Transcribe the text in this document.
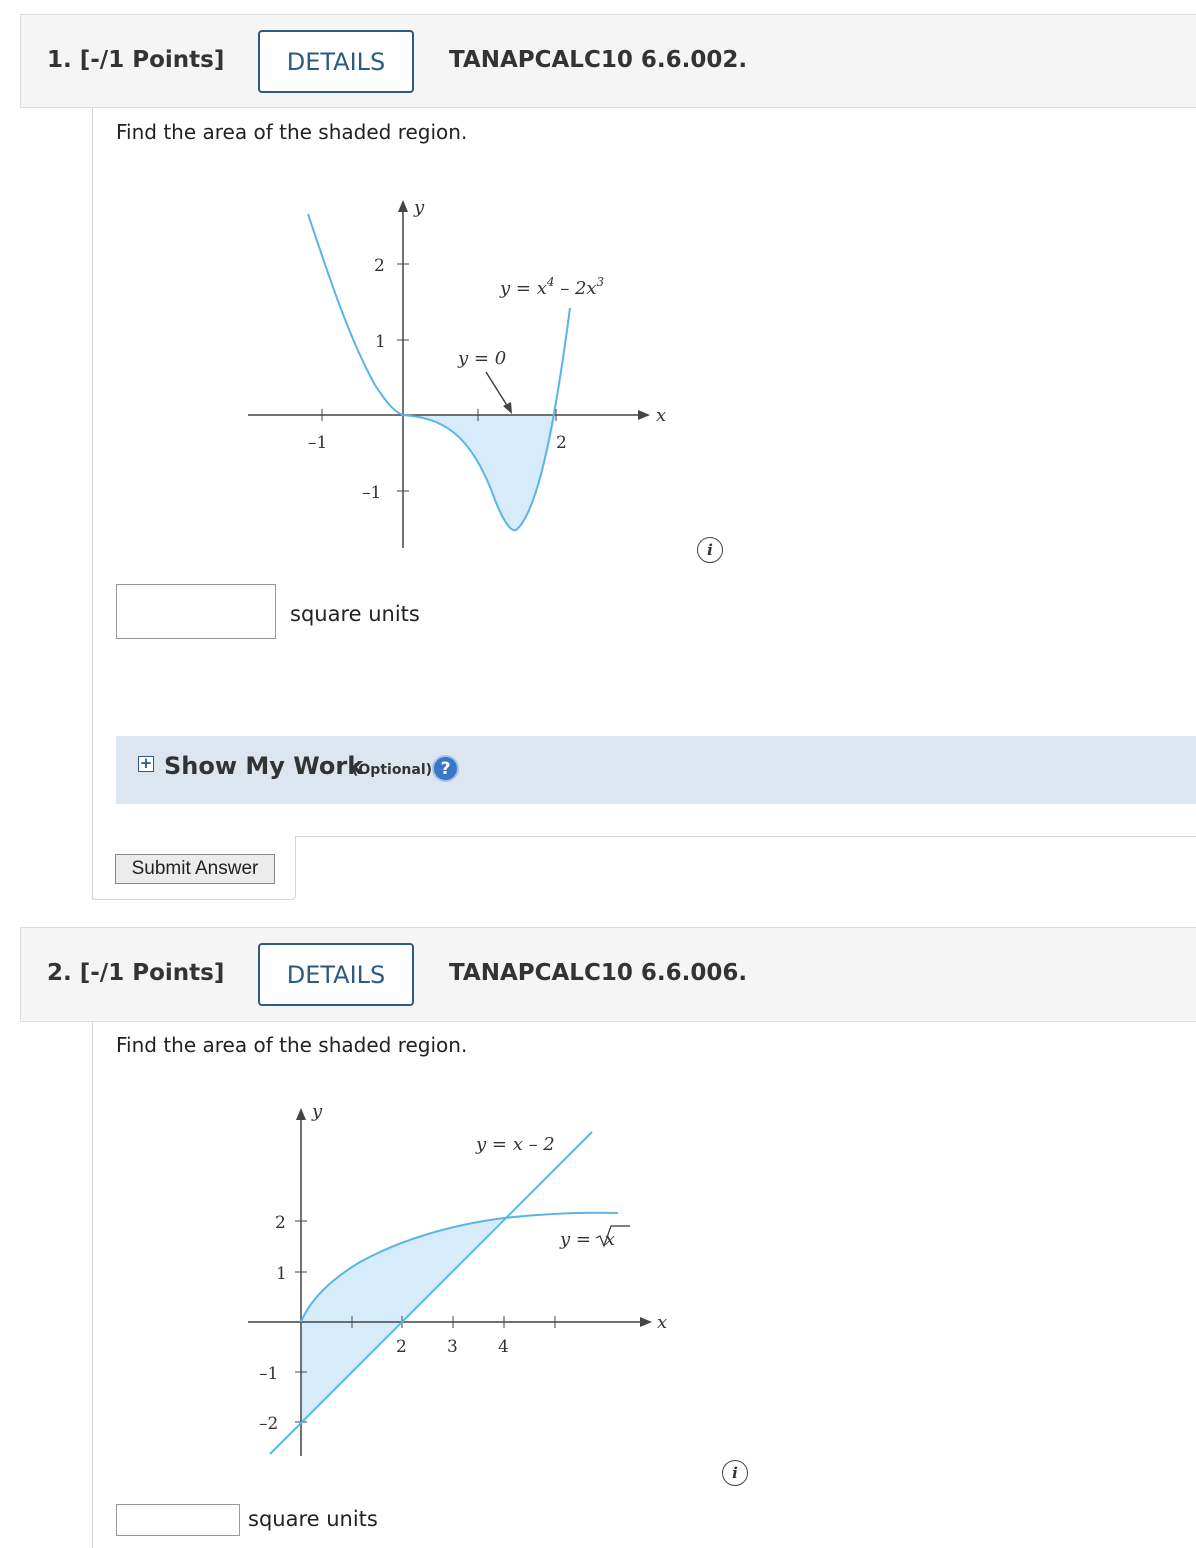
1. [-/1 Points]	DETAILS	TANAPCALC10 6.6.002.
Find the area of the shaded region.
–1	2
2
1
–1
x
y
y = 0
$y = x^4 - 2x^3$
i
square units
+ Show My Work
(Optional) ?
Submit Answer
2. [-/1 Points]	DETAILS	TANAPCALC10 6.6.006.
Find the area of the shaded region.
2 3 4
2
1
–1
–2
x
y
y = x – 2
y = x
i
square units
